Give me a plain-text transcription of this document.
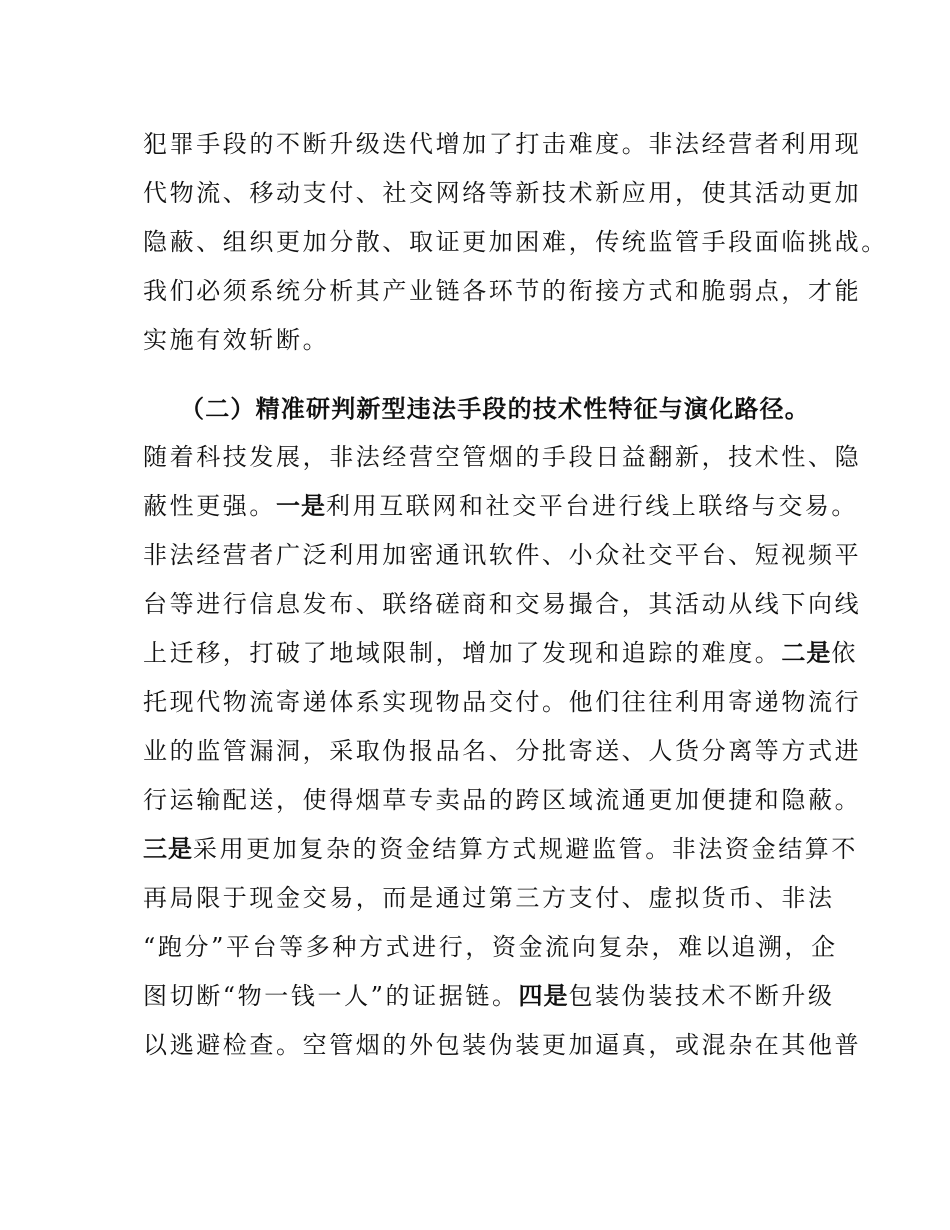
犯罪手段的不断升级迭代增加了打击难度。非法经营者利用现
代物流、移动支付、社交网络等新技术新应用，使其活动更加
隐蔽、组织更加分散、取证更加困难，传统监管手段面临挑战。
我们必须系统分析其产业链各环节的衔接方式和脆弱点，才能
实施有效斩断。
（二）精准研判新型违法手段的技术性特征与演化路径。
随着科技发展，非法经营空管烟的手段日益翻新，技术性、隐
蔽性更强。一是利用互联网和社交平台进行线上联络与交易。
非法经营者广泛利用加密通讯软件、小众社交平台、短视频平
台等进行信息发布、联络磋商和交易撮合，其活动从线下向线
上迁移，打破了地域限制，增加了发现和追踪的难度。二是依
托现代物流寄递体系实现物品交付。他们往往利用寄递物流行
业的监管漏洞，采取伪报品名、分批寄送、人货分离等方式进
行运输配送，使得烟草专卖品的跨区域流通更加便捷和隐蔽。
三是采用更加复杂的资金结算方式规避监管。非法资金结算不
再局限于现金交易，而是通过第三方支付、虚拟货币、非法
“跑分”平台等多种方式进行，资金流向复杂，难以追溯，企
图切断“物一钱一人”的证据链。四是包装伪装技术不断升级
以逃避检查。空管烟的外包装伪装更加逼真，或混杂在其他普
